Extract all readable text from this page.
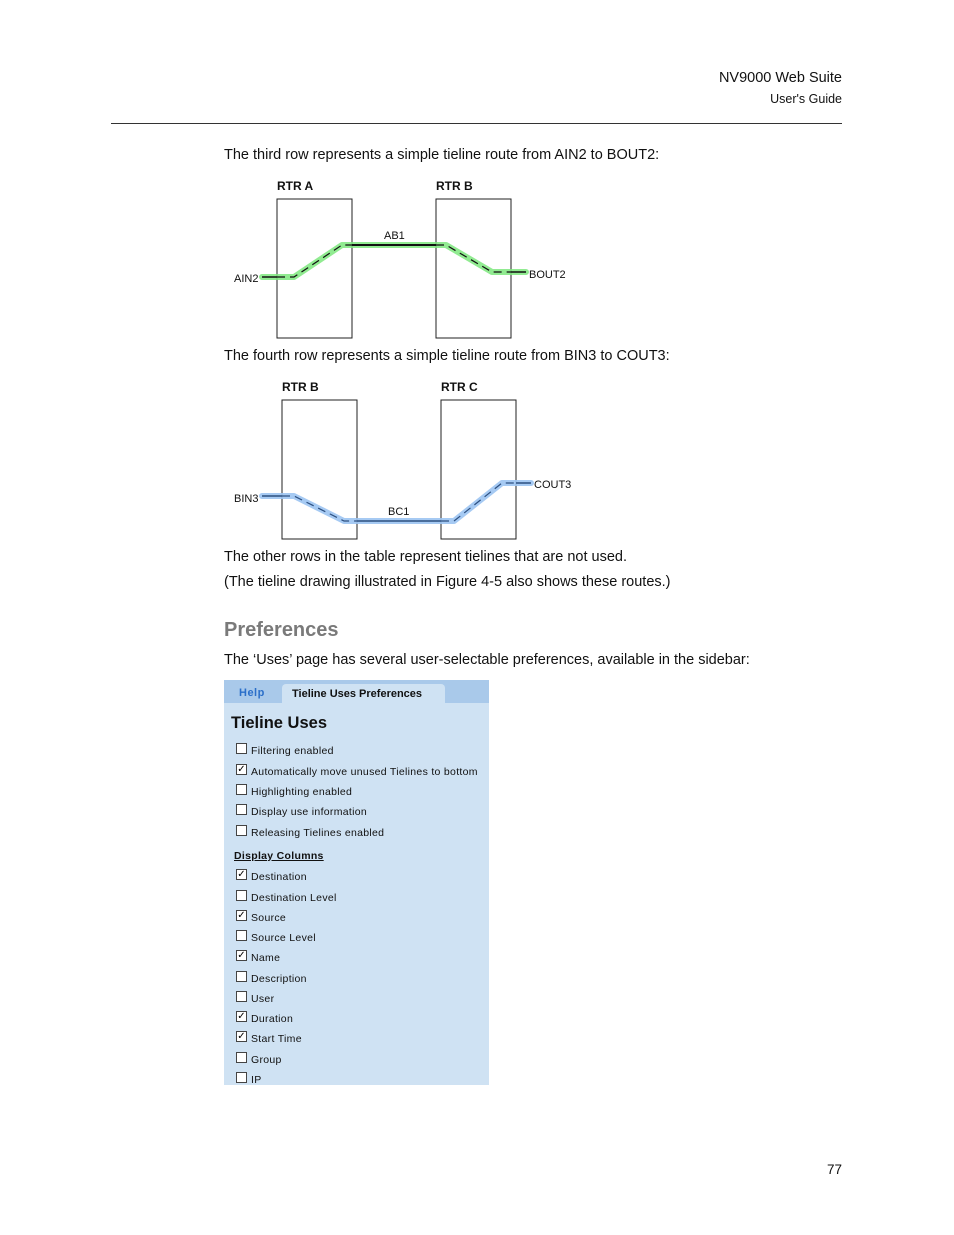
NV9000 Web Suite
User's Guide
The third row represents a simple tieline route from AIN2 to BOUT2:
RTR A	RTR B
AIN2
AB1
BOUT2
The fourth row represents a simple tieline route from BIN3 to COUT3:
RTR B	RTR C
BIN3
BC1
COUT3
The other rows in the table represent tielines that are not used.
(The tieline drawing illustrated in Figure 4-5 also shows these routes.)
Preferences
The ‘Uses’ page has several user-selectable preferences, available in the sidebar:
Help Tieline Uses Preferences
Tieline Uses
Filtering enabled
✓ Automatically move unused Tielines to bottom
Highlighting enabled
Display use information
Releasing Tielines enabled
Display Columns
✓ Destination
Destination Level
✓ Source
Source Level
✓ Name
Description
User
✓ Duration
✓ Start Time
Group
IP
77
